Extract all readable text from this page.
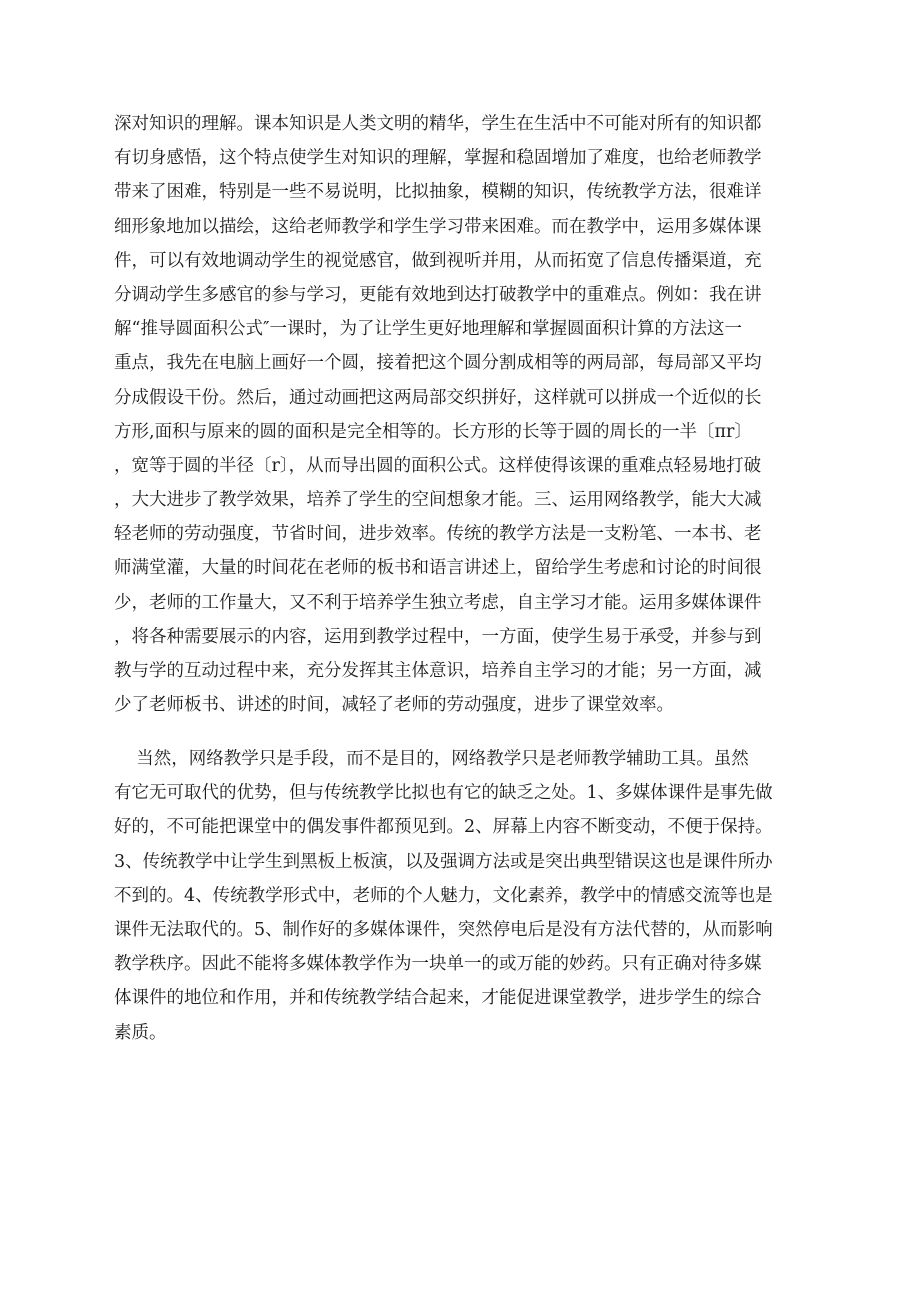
深对知识的理解。课本知识是人类文明的精华，学生在生活中不可能对所有的知识都
有切身感悟，这个特点使学生对知识的理解，掌握和稳固增加了难度，也给老师教学
带来了困难，特别是一些不易说明，比拟抽象，模糊的知识，传统教学方法，很难详
细形象地加以描绘，这给老师教学和学生学习带来困难。而在教学中，运用多媒体课
件，可以有效地调动学生的视觉感官，做到视听并用，从而拓宽了信息传播渠道，充
分调动学生多感官的参与学习，更能有效地到达打破教学中的重难点。例如：我在讲
解“推导圆面积公式″一课时，为了让学生更好地理解和掌握圆面积计算的方法这一
重点，我先在电脑上画好一个圆，接着把这个圆分割成相等的两局部，每局部又平均
分成假设干份。然后，通过动画把这两局部交织拼好，这样就可以拼成一个近似的长
方形,面积与原来的圆的面积是完全相等的。长方形的长等于圆的周长的一半〔πr〕
，宽等于圆的半径〔r〕，从而导出圆的面积公式。这样使得该课的重难点轻易地打破
，大大进步了教学效果，培养了学生的空间想象才能。三、运用网络教学，能大大减
轻老师的劳动强度，节省时间，进步效率。传统的教学方法是一支粉笔、一本书、老
师满堂灌，大量的时间花在老师的板书和语言讲述上，留给学生考虑和讨论的时间很
少，老师的工作量大，又不利于培养学生独立考虑，自主学习才能。运用多媒体课件
，将各种需要展示的内容，运用到教学过程中，一方面，使学生易于承受，并参与到
教与学的互动过程中来，充分发挥其主体意识，培养自主学习的才能；另一方面，减
少了老师板书、讲述的时间，减轻了老师的劳动强度，进步了课堂效率。
当然，网络教学只是手段，而不是目的，网络教学只是老师教学辅助工具。虽然
有它无可取代的优势，但与传统教学比拟也有它的缺乏之处。1、多媒体课件是事先做
好的，不可能把课堂中的偶发事件都预见到。2、屏幕上内容不断变动，不便于保持。
3、传统教学中让学生到黑板上板演，以及强调方法或是突出典型错误这也是课件所办
不到的。4、传统教学形式中，老师的个人魅力，文化素养，教学中的情感交流等也是
课件无法取代的。5、制作好的多媒体课件，突然停电后是没有方法代替的，从而影响
教学秩序。因此不能将多媒体教学作为一块单一的或万能的妙药。只有正确对待多媒
体课件的地位和作用，并和传统教学结合起来，才能促进课堂教学，进步学生的综合
素质。
